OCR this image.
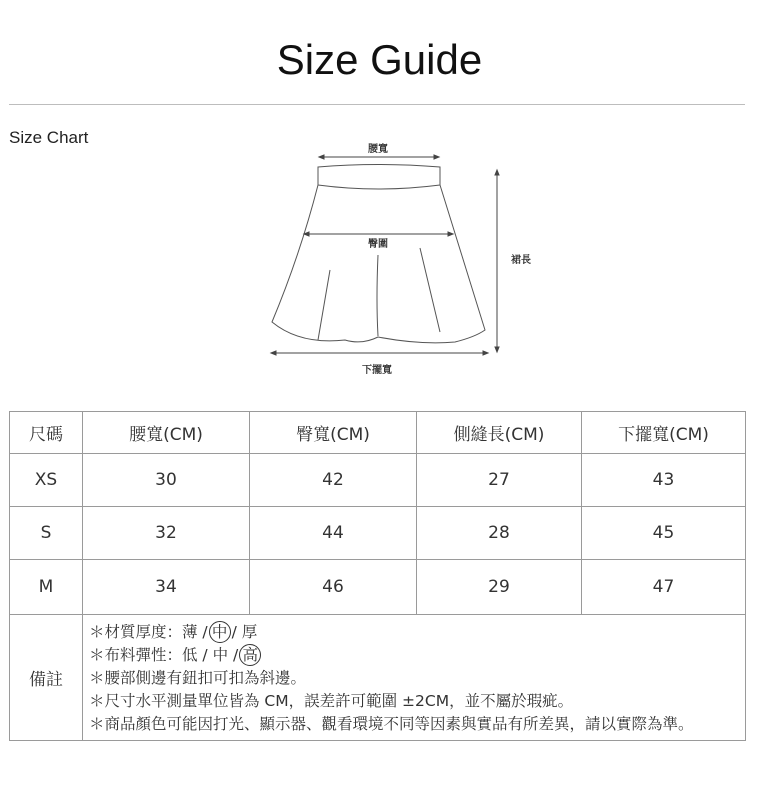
Size Guide
Size Chart
腰寬
臀圍
裙長
下擺寬
尺碼	腰寬(CM)	臀寬(CM)	側縫長(CM)	下擺寬(CM)
XS	30	42	27	43
S	32	44	28	45
M	34	46	29	47
備註	＊材質厚度：薄 / 中 / 厚
＊布料彈性：低 / 中 / 高
＊腰部側邊有鈕扣可扣為斜邊。
＊尺寸水平測量單位皆為 CM，誤差許可範圍 ±2CM，並不屬於瑕疵。
＊商品顏色可能因打光、顯示器、觀看環境不同等因素與實品有所差異，請以實際為準。			
